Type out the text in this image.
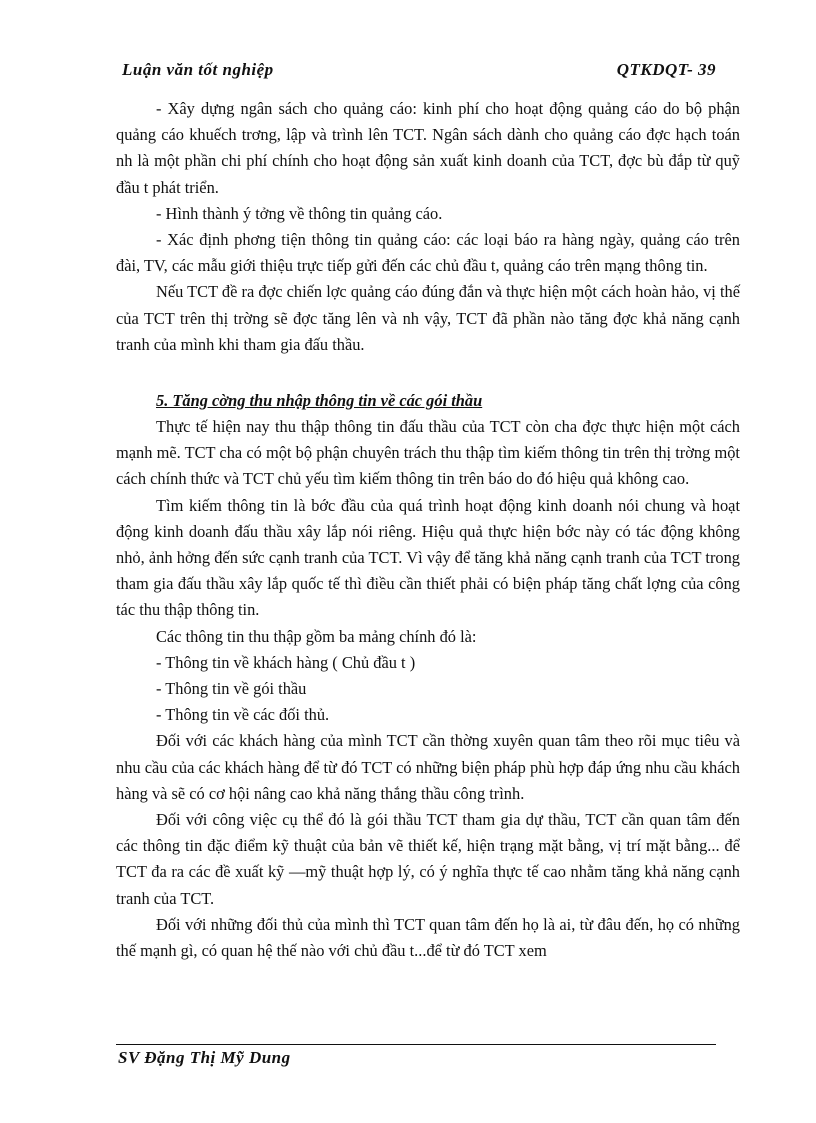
Luận văn tốt nghiệp	QTKDQT- 39

- Xây dựng ngân sách cho quảng cáo: kinh phí cho hoạt động quảng cáo do bộ phận quảng cáo khuếch trơng, lập và trình lên TCT. Ngân sách dành cho quảng cáo đợc hạch toán nh là một phần chi phí chính cho hoạt động sản xuất kinh doanh của TCT, đợc bù đắp từ quỹ đầu t phát triển.

- Hình thành ý tởng về thông tin quảng cáo.

- Xác định phơng tiện thông tin quảng cáo: các loại báo ra hàng ngày, quảng cáo trên đài, TV, các mẫu giới thiệu trực tiếp gửi đến các chủ đầu t, quảng cáo trên mạng thông tin.

Nếu TCT đề ra đợc chiến lợc quảng cáo đúng đắn và thực hiện một cách hoàn hảo, vị thế của TCT trên thị trờng sẽ đợc tăng lên và nh vậy, TCT đã phần nào tăng đợc khả năng cạnh tranh của mình khi tham gia đấu thầu.

5. Tăng cờng thu nhập thông tin về các gói thầu

Thực tế hiện nay thu thập thông tin đấu thầu của TCT còn cha đợc thực hiện một cách mạnh mẽ. TCT cha có một bộ phận chuyên trách thu thập tìm kiếm thông tin trên thị trờng một cách chính thức và TCT chủ yếu tìm kiếm thông tin trên báo do đó hiệu quả không cao.

Tìm kiếm thông tin là bớc đầu của quá trình hoạt động kinh doanh nói chung và hoạt động kinh doanh đấu thầu xây lắp nói riêng. Hiệu quả thực hiện bớc này có tác động không nhỏ, ảnh hởng đến sức cạnh tranh của TCT. Vì vậy để tăng khả năng cạnh tranh của TCT trong tham gia đấu thầu xây lắp quốc tế thì điều cần thiết phải có biện pháp tăng chất lợng của công tác thu thập thông tin.

Các thông tin thu thập gồm ba mảng chính đó là:

- Thông tin về khách hàng ( Chủ đầu t )

- Thông tin về gói thầu

- Thông tin về các đối thủ.

Đối với các khách hàng của mình TCT cần thờng xuyên quan tâm theo rõi mục tiêu và nhu cầu của các khách hàng để từ đó TCT có những biện pháp phù hợp đáp ứng nhu cầu khách hàng và sẽ có cơ hội nâng cao khả năng thắng thầu công trình.

Đối với công việc cụ thể đó là gói thầu TCT tham gia dự thầu, TCT cần quan tâm đến các thông tin đặc điểm kỹ thuật của bản vẽ thiết kế, hiện trạng mặt bằng, vị trí mặt bằng... để TCT đa ra các đề xuất kỹ —mỹ thuật hợp lý, có ý nghĩa thực tế cao nhằm tăng khả năng cạnh tranh của TCT.

Đối với những đối thủ của mình thì TCT quan tâm đến họ là ai, từ đâu đến, họ có những thế mạnh gì, có quan hệ thế nào với chủ đầu t...để từ đó TCT xem

SV Đặng Thị Mỹ Dung
